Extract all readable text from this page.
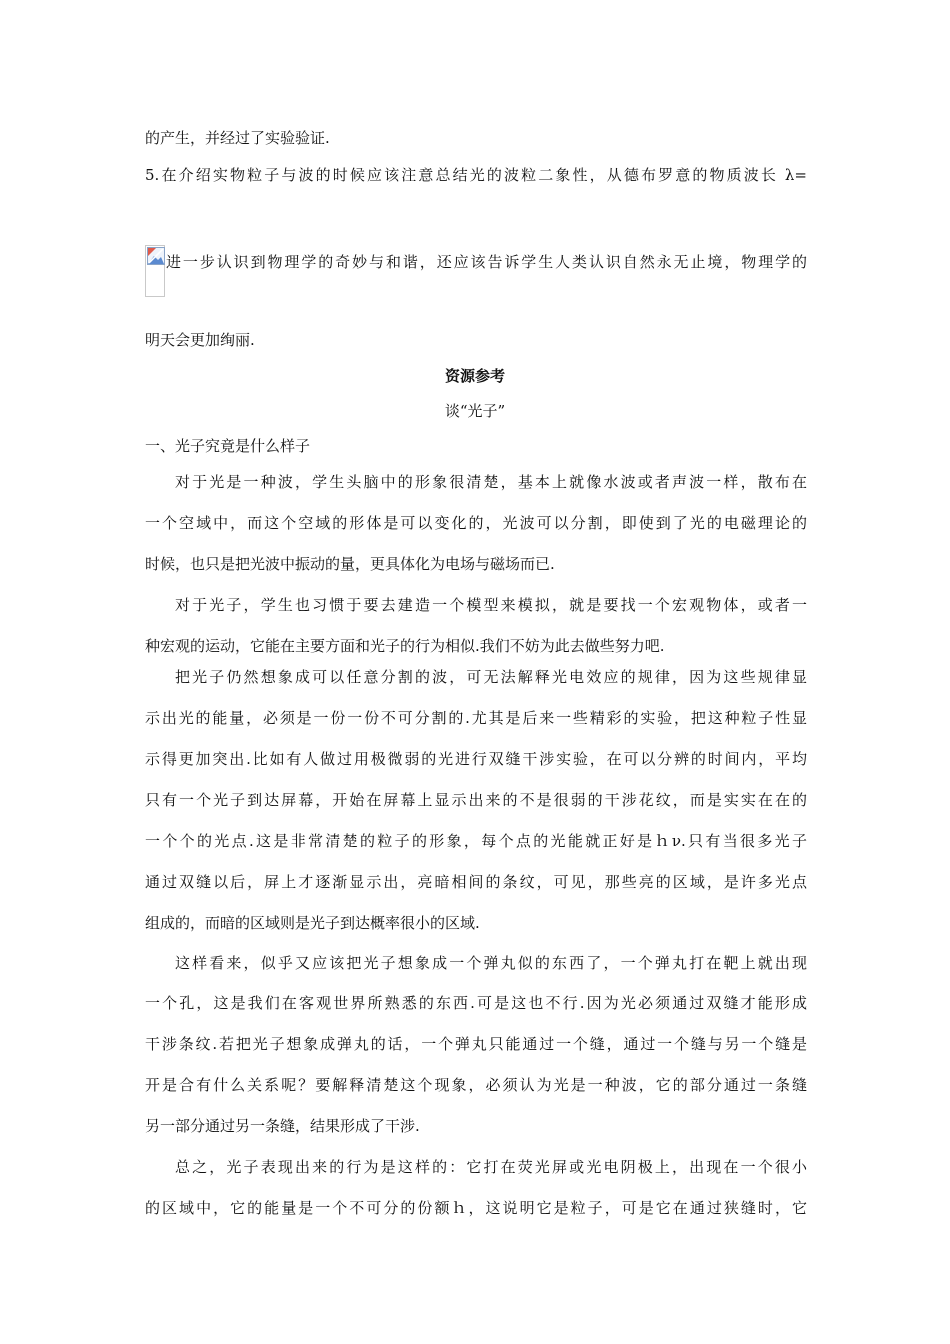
的产生，并经过了实验验证.
5.在介绍实物粒子与波的时候应该注意总结光的波粒二象性，从德布罗意的物质波长 λ=
进一步认识到物理学的奇妙与和谐，还应该告诉学生人类认识自然永无止境，物理学的
明天会更加绚丽.
资源参考
谈“光子”
一、光子究竟是什么样子
对于光是一种波，学生头脑中的形象很清楚，基本上就像水波或者声波一样，散布在
一个空域中，而这个空域的形体是可以变化的，光波可以分割，即使到了光的电磁理论的
时候，也只是把光波中振动的量，更具体化为电场与磁场而已.
对于光子，学生也习惯于要去建造一个模型来模拟，就是要找一个宏观物体，或者一
种宏观的运动，它能在主要方面和光子的行为相似.我们不妨为此去做些努力吧.
把光子仍然想象成可以任意分割的波，可无法解释光电效应的规律，因为这些规律显
示出光的能量，必须是一份一份不可分割的.尤其是后来一些精彩的实验，把这种粒子性显
示得更加突出.比如有人做过用极微弱的光进行双缝干涉实验，在可以分辨的时间内，平均
只有一个光子到达屏幕，开始在屏幕上显示出来的不是很弱的干涉花纹，而是实实在在的
一个个的光点.这是非常清楚的粒子的形象，每个点的光能就正好是ｈν.只有当很多光子
通过双缝以后，屏上才逐渐显示出，亮暗相间的条纹，可见，那些亮的区域，是许多光点
组成的，而暗的区域则是光子到达概率很小的区域.
这样看来，似乎又应该把光子想象成一个弹丸似的东西了，一个弹丸打在靶上就出现
一个孔，这是我们在客观世界所熟悉的东西.可是这也不行.因为光必须通过双缝才能形成
干涉条纹.若把光子想象成弹丸的话，一个弹丸只能通过一个缝，通过一个缝与另一个缝是
开是合有什么关系呢？要解释清楚这个现象，必须认为光是一种波，它的部分通过一条缝
另一部分通过另一条缝，结果形成了干涉.
总之，光子表现出来的行为是这样的：它打在荧光屏或光电阴极上，出现在一个很小
的区域中，它的能量是一个不可分的份额ｈ，这说明它是粒子，可是它在通过狭缝时，它
